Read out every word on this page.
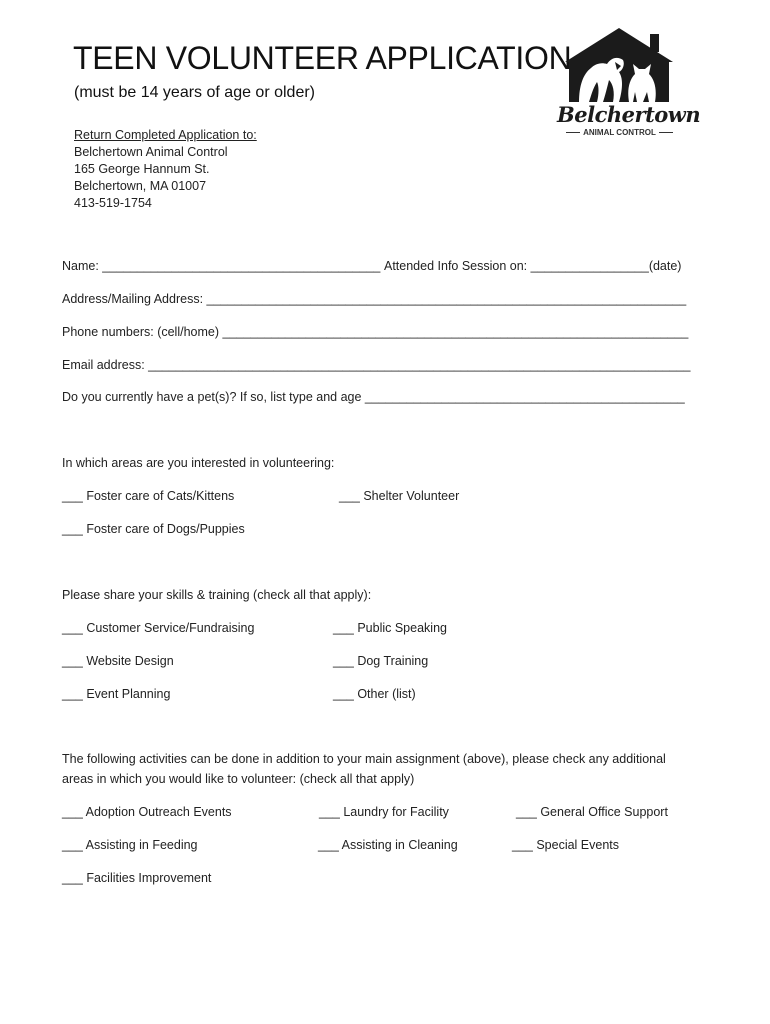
TEEN VOLUNTEER APPLICATION
(must be 14 years of age or older)
Return Completed Application to:
Belchertown Animal Control
165 George Hannum St.
Belchertown, MA 01007
413-519-1754
Belchertown
ANIMAL CONTROL
Name: ________________________________________ Attended Info Session on: _________________(date)
Address/Mailing Address: _____________________________________________________________________
Phone numbers: (cell/home) ___________________________________________________________________
Email address: ______________________________________________________________________________
Do you currently have a pet(s)? If so, list type and age ______________________________________________
In which areas are you interested in volunteering:
___ Foster care of Cats/Kittens	___ Shelter Volunteer
___ Foster care of Dogs/Puppies
Please share your skills & training (check all that apply):
___ Customer Service/Fundraising	___ Public Speaking
___ Website Design	___ Dog Training
___ Event Planning	___ Other (list)
The following activities can be done in addition to your main assignment (above), please check any additional
areas in which you would like to volunteer: (check all that apply)
___ Adoption Outreach Events	___ Laundry for Facility	___ General Office Support
___ Assisting in Feeding	___ Assisting in Cleaning	___ Special Events
___ Facilities Improvement
